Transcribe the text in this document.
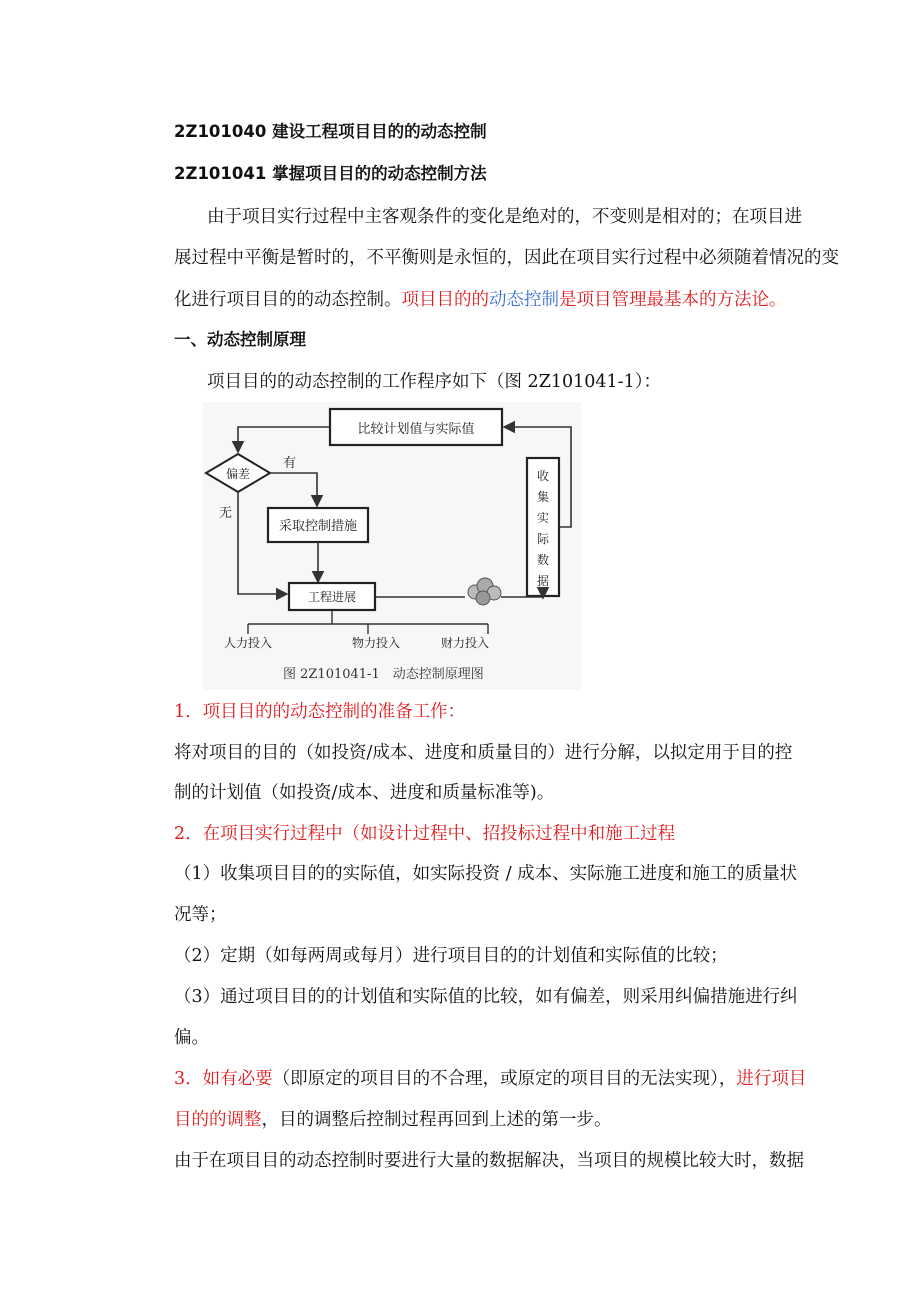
2Z101040 建设工程项目目的的动态控制
2Z101041 掌握项目目的的动态控制方法
由于项目实行过程中主客观条件的变化是绝对的，不变则是相对的；在项目进
展过程中平衡是暂时的，不平衡则是永恒的，因此在项目实行过程中必须随着情况的变
化进行项目目的的动态控制。项目目的的动态控制是项目管理最基本的方法论。
一、动态控制原理
项目目的的动态控制的工作程序如下（图 2Z101041-1）：
比较计划值与实际值
偏差
有
无
采取控制措施
工程进展
收
集
实
际
数
据
人力投入	物力投入	财力投入
图 2Z101041-1　动态控制原理图
1．项目目的的动态控制的准备工作：
将对项目的目的（如投资/成本、进度和质量目的）进行分解，以拟定用于目的控
制的计划值（如投资/成本、进度和质量标准等)。
2．在项目实行过程中（如设计过程中、招投标过程中和施工过程
（1）收集项目目的的实际值，如实际投资 / 成本、实际施工进度和施工的质量状
况等；
（2）定期（如每两周或每月）进行项目目的的计划值和实际值的比较；
（3）通过项目目的的计划值和实际值的比较，如有偏差，则采用纠偏措施进行纠
偏。
3．如有必要（即原定的项目目的不合理，或原定的项目目的无法实现），进行项目
目的的调整，目的调整后控制过程再回到上述的第一步。
由于在项目目的动态控制时要进行大量的数据解决，当项目的规模比较大时，数据
